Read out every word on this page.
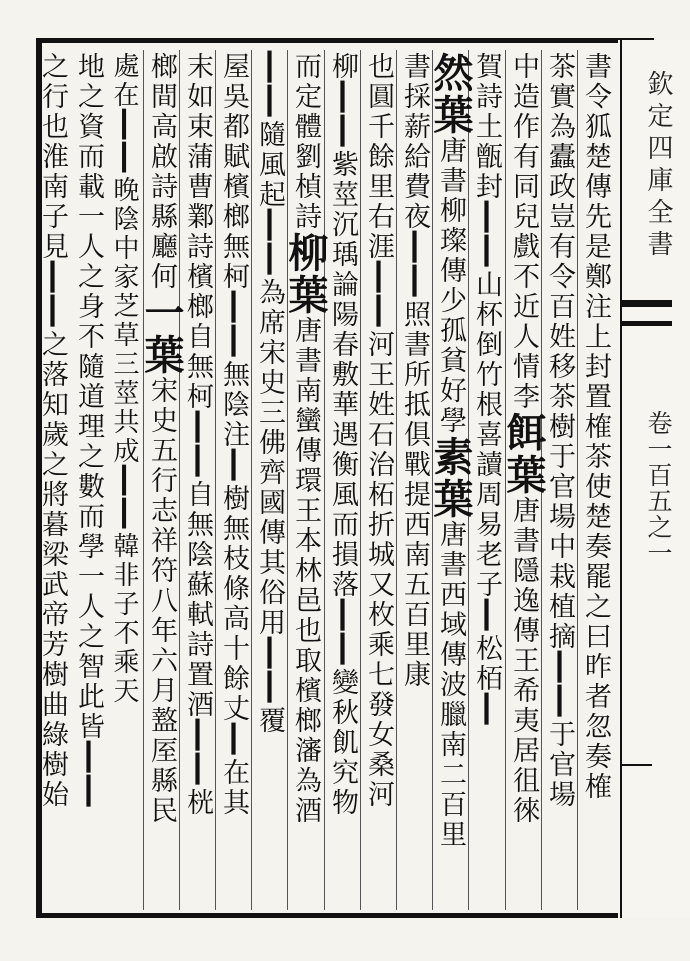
欽定四庫全書
卷一百五之一
書令狐楚傳先是鄭注上封置榷茶使楚奏罷之曰昨者忽奏榷
茶實為蠹政豈有令百姓移茶樹于官場中栽植摘┃┃于官場
中造作有同兒戲不近人情李餌葉唐書隱逸傳王希夷居徂徠
賀詩土甑封┃┃山杯倒竹根喜讀周易老子┃松栢┃
然葉唐書柳璨傳少孤貧好學素葉唐書西域傳波臘南二百里
書採薪給費夜┃┃照書所抵俱戰提西南五百里康
也圓千餘里右涯┃┃河王姓石治柘折城又枚乘七發女桑河
柳┃┃紫莖沉瑀論陽春敷華遇衡風而損落┃┃變秋飢究物
而定體劉楨詩柳葉唐書南蠻傳環王本林邑也取檳榔瀋為酒
┃┃隨風起┃┃為席宋史三佛齊國傳其俗用┃┃覆
屋吳都賦檳榔無柯┃┃無陰注┃樹無枝條高十餘丈┃在其
末如束蒲曹鄴詩檳榔自無柯┃┃自無陰蘇軾詩置酒┃┃桄
榔間高啟詩縣廳何一葉宋史五行志祥符八年六月盩厔縣民
處在┃┃晚陰中家芝草三莖共成┃┃韓非子不乘天
地之資而載一人之身不隨道理之數而學一人之智此皆┃┃
之行也淮南子見┃┃之落知歲之將暮梁武帝芳樹曲綠樹始
